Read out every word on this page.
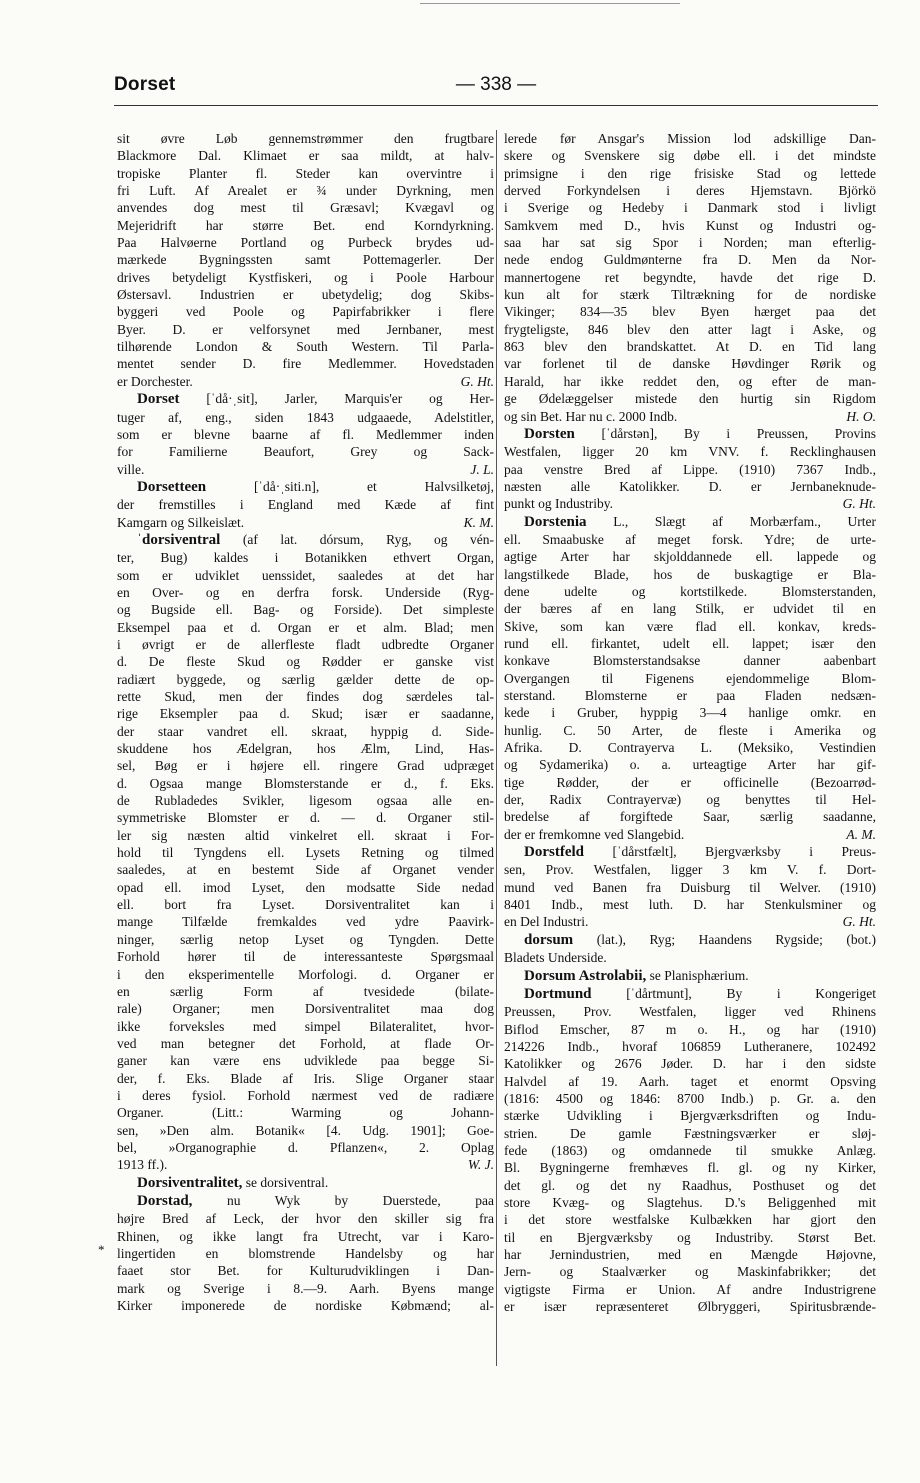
Dorset	— 338 —
*
sit øvre Løb gennemstrømmer den frugtbare
Blackmore Dal. Klimaet er saa mildt, at halv-
tropiske Planter fl. Steder kan overvintre i
fri Luft. Af Arealet er ¾ under Dyrkning, men
anvendes dog mest til Græsavl; Kvægavl og
Mejeridrift har større Bet. end Korndyrkning.
Paa Halvøerne Portland og Purbeck brydes ud-
mærkede Bygningssten samt Pottemagerler. Der
drives betydeligt Kystfiskeri, og i Poole Harbour
Østersavl. Industrien er ubetydelig; dog Skibs-
byggeri ved Poole og Papirfabrikker i flere
Byer. D. er velforsynet med Jernbaner, mest
tilhørende London & South Western. Til Parla-
mentet sender D. fire Medlemmer. Hovedstaden
er Dorchester.	G. Ht.
Dorset [ˈdå·ˌsit], Jarler, Marquis'er og Her-
tuger af, eng., siden 1843 udgaaede, Adelstitler,
som er blevne baarne af fl. Medlemmer inden
for Familierne Beaufort, Grey og Sack-
ville.	J. L.
Dorsetteen	[ˈdå·ˌsiti.n], et Halvsilketøj,
der fremstilles i England med Kæde af fint
Kamgarn og Silkeislæt.	K. M.
ˈdorsiventral (af lat. dórsum, Ryg, og vén-
ter, Bug) kaldes i Botanikken ethvert Organ,
som er udviklet uenssidet, saaledes at det har
en Over- og en derfra forsk. Underside (Ryg-
og Bugside ell. Bag- og Forside). Det simpleste
Eksempel paa et d. Organ er et alm. Blad; men
i øvrigt er de allerfleste fladt udbredte Organer
d. De fleste Skud og Rødder er ganske vist
radiært byggede, og særlig gælder dette de op-
rette Skud, men der findes dog særdeles tal-
rige Eksempler paa d. Skud; især er saadanne,
der staar vandret ell. skraat, hyppig d. Side-
skuddene hos Ædelgran, hos Ælm, Lind, Has-
sel, Bøg er i højere ell. ringere Grad udpræget
d. Ogsaa mange Blomsterstande er d., f. Eks.
de Rubladedes Svikler, ligesom ogsaa alle en-
symmetriske Blomster er d. — d. Organer stil-
ler sig næsten altid vinkelret ell. skraat i For-
hold til Tyngdens ell. Lysets Retning og tilmed
saaledes, at en bestemt Side af Organet vender
opad ell. imod Lyset, den modsatte Side nedad
ell. bort fra Lyset. Dorsiventralitet kan i
mange Tilfælde fremkaldes ved ydre Paavirk-
ninger, særlig netop Lyset og Tyngden. Dette
Forhold hører til de interessanteste Spørgsmaal
i den eksperimentelle Morfologi. d. Organer er
en særlig Form af tvesidede (bilate-
rale) Organer; men Dorsiventralitet maa dog
ikke forveksles med simpel Bilateralitet, hvor-
ved man betegner det Forhold, at flade Or-
ganer kan være ens udviklede paa begge Si-
der, f. Eks. Blade af Iris. Slige Organer staar
i deres fysiol. Forhold nærmest ved de radiære
Organer. (Litt.: Warming og Johann-
sen, »Den alm. Botanik« [4. Udg. 1901]; Goe-
bel, »Organographie d. Pflanzen«, 2. Oplag
1913 ff.).	W. J.
Dorsiventralitet, se dorsiventral.
Dorstad,	nu Wyk by Duerstede, paa
højre Bred af Leck, der hvor den skiller sig fra
Rhinen, og ikke langt fra Utrecht, var i Karo-
lingertiden en blomstrende Handelsby og har
faaet stor Bet. for Kulturudviklingen i Dan-
mark og Sverige i 8.—9. Aarh. Byens mange
Kirker imponerede de nordiske Købmænd; al-
lerede før Ansgar's Mission lod adskillige Dan-
skere og Svenskere sig døbe ell. i det mindste
primsigne i den rige frisiske Stad og lettede
derved Forkyndelsen i deres Hjemstavn. Björkö
i Sverige og Hedeby i Danmark stod i livligt
Samkvem med D., hvis Kunst og Industri og-
saa har sat sig Spor i Norden; man efterlig-
nede endog Guldmønterne fra D. Men da Nor-
mannertogene ret begyndte, havde det rige D.
kun alt for stærk Tiltrækning for de nordiske
Vikinger; 834—35 blev Byen hærget paa det
frygteligste, 846 blev den atter lagt i Aske, og
863 blev den brandskattet. At D. en Tid lang
var forlenet til de danske Høvdinger Rørik og
Harald, har ikke reddet den, og efter de man-
ge Ødelæggelser mistede den hurtig sin Rigdom
og sin Bet. Har nu c. 2000 Indb.	H. O.
Dorsten [ˈdårstən], By i Preussen, Provins
Westfalen, ligger 20 km VNV. f. Recklinghausen
paa venstre Bred af Lippe. (1910) 7367 Indb.,
næsten alle Katolikker. D. er Jernbaneknude-
punkt og Industriby.	G. Ht.
Dorstenia L., Slægt af Morbærfam., Urter
ell. Smaabuske af meget forsk. Ydre; de urte-
agtige Arter har skjolddannede ell. lappede og
langstilkede Blade, hos de buskagtige er Bla-
dene udelte og kortstilkede. Blomsterstanden,
der bæres af en lang Stilk, er udvidet til en
Skive, som kan være flad ell. konkav, kreds-
rund ell. firkantet, udelt ell. lappet; især den
konkave Blomsterstandsakse danner aabenbart
Overgangen til Figenens ejendommelige Blom-
sterstand. Blomsterne er paa Fladen nedsæn-
kede i Gruber, hyppig 3—4 hanlige omkr. en
hunlig. C. 50 Arter, de fleste i Amerika og
Afrika. D. Contrayerva L. (Meksiko, Vestindien
og Sydamerika) o. a. urteagtige Arter har gif-
tige Rødder, der er officinelle (Bezoarrød-
der, Radix Contrayervæ) og benyttes til Hel-
bredelse af forgiftede Saar, særlig saadanne,
der er fremkomne ved Slangebid.	A. M.
Dorstfeld [ˈdårstfælt], Bjergværksby i Preus-
sen, Prov. Westfalen, ligger 3 km V. f. Dort-
mund ved Banen fra Duisburg til Welver. (1910)
8401 Indb., mest luth. D. har Stenkulsminer og
en Del Industri.	G. Ht.
dorsum (lat.), Ryg; Haandens Rygside; (bot.)
Bladets Underside.
Dorsum Astrolabii, se Planisphærium.
Dortmund	[ˈdårtmunt], By i Kongeriget
Preussen, Prov. Westfalen, ligger ved Rhinens
Biflod Emscher, 87 m o. H., og har (1910)
214226 Indb., hvoraf 106859 Lutheranere, 102492
Katolikker og 2676 Jøder. D. har i den sidste
Halvdel af 19. Aarh. taget et enormt Opsving
(1816: 4500 og 1846: 8700 Indb.) p. Gr. a. den
stærke Udvikling i Bjergværksdriften og Indu-
strien. De gamle Fæstningsværker er sløj-
fede (1863) og omdannede til smukke Anlæg.
Bl. Bygningerne fremhæves fl. gl. og ny Kirker,
det gl. og det ny Raadhus, Posthuset og det
store Kvæg- og Slagtehus. D.'s Beliggenhed mit
i det store westfalske Kulbækken har gjort den
til en Bjergværksby og Industriby. Størst Bet.
har Jernindustrien, med en Mængde Højovne,
Jern- og Staalværker og Maskinfabrikker; det
vigtigste Firma er Union. Af andre Industrigrene
er især repræsenteret Ølbryggeri, Spiritusbrænde-
